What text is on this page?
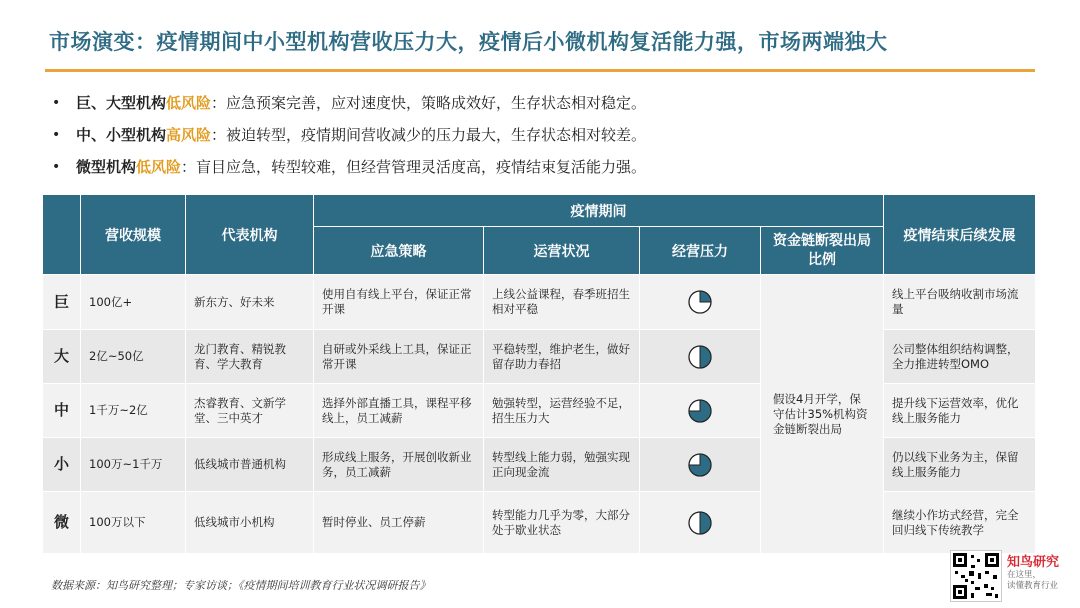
市场演变：疫情期间中小型机构营收压力大，疫情后小微机构复活能力强，市场两端独大
• 巨、大型机构低风险：应急预案完善，应对速度快，策略成效好，生存状态相对稳定。
• 中、小型机构高风险：被迫转型，疫情期间营收减少的压力最大，生存状态相对较差。
• 微型机构低风险：盲目应急，转型较难，但经营管理灵活度高，疫情结束复活能力强。
	营收规模	代表机构	疫情期间				疫情结束后续发展
			应急策略	运营状况	经营压力	资金链断裂出局比例	
巨	100亿+	新东方、好未来	使用自有线上平台，保证正常开课	上线公益课程，春季班招生相对平稳		假设4月开学，保守估计35%机构资金链断裂出局	线上平台吸纳收割市场流量
大	2亿~50亿	龙门教育、精锐教育、学大教育	自研或外采线上工具，保证正常开课	平稳转型，维护老生，做好留存助力春招			公司整体组织结构调整，全力推进转型OMO
中	1千万~2亿	杰睿教育、文新学堂、三中英才	选择外部直播工具，课程平移线上，员工减薪	勉强转型，运营经验不足，招生压力大			提升线下运营效率，优化线上服务能力
小	100万~1千万	低线城市普通机构	形成线上服务，开展创收新业务，员工减薪	转型线上能力弱，勉强实现正向现金流			仍以线下业务为主，保留线上服务能力
微	100万以下	低线城市小机构	暂时停业、员工停薪	转型能力几乎为零，大部分处于歇业状态			继续小作坊式经营，完全回归线下传统教学
数据来源：知鸟研究整理；专家访谈；《疫情期间培训教育行业状况调研报告》
知鸟研究
在这里，
读懂教育行业
